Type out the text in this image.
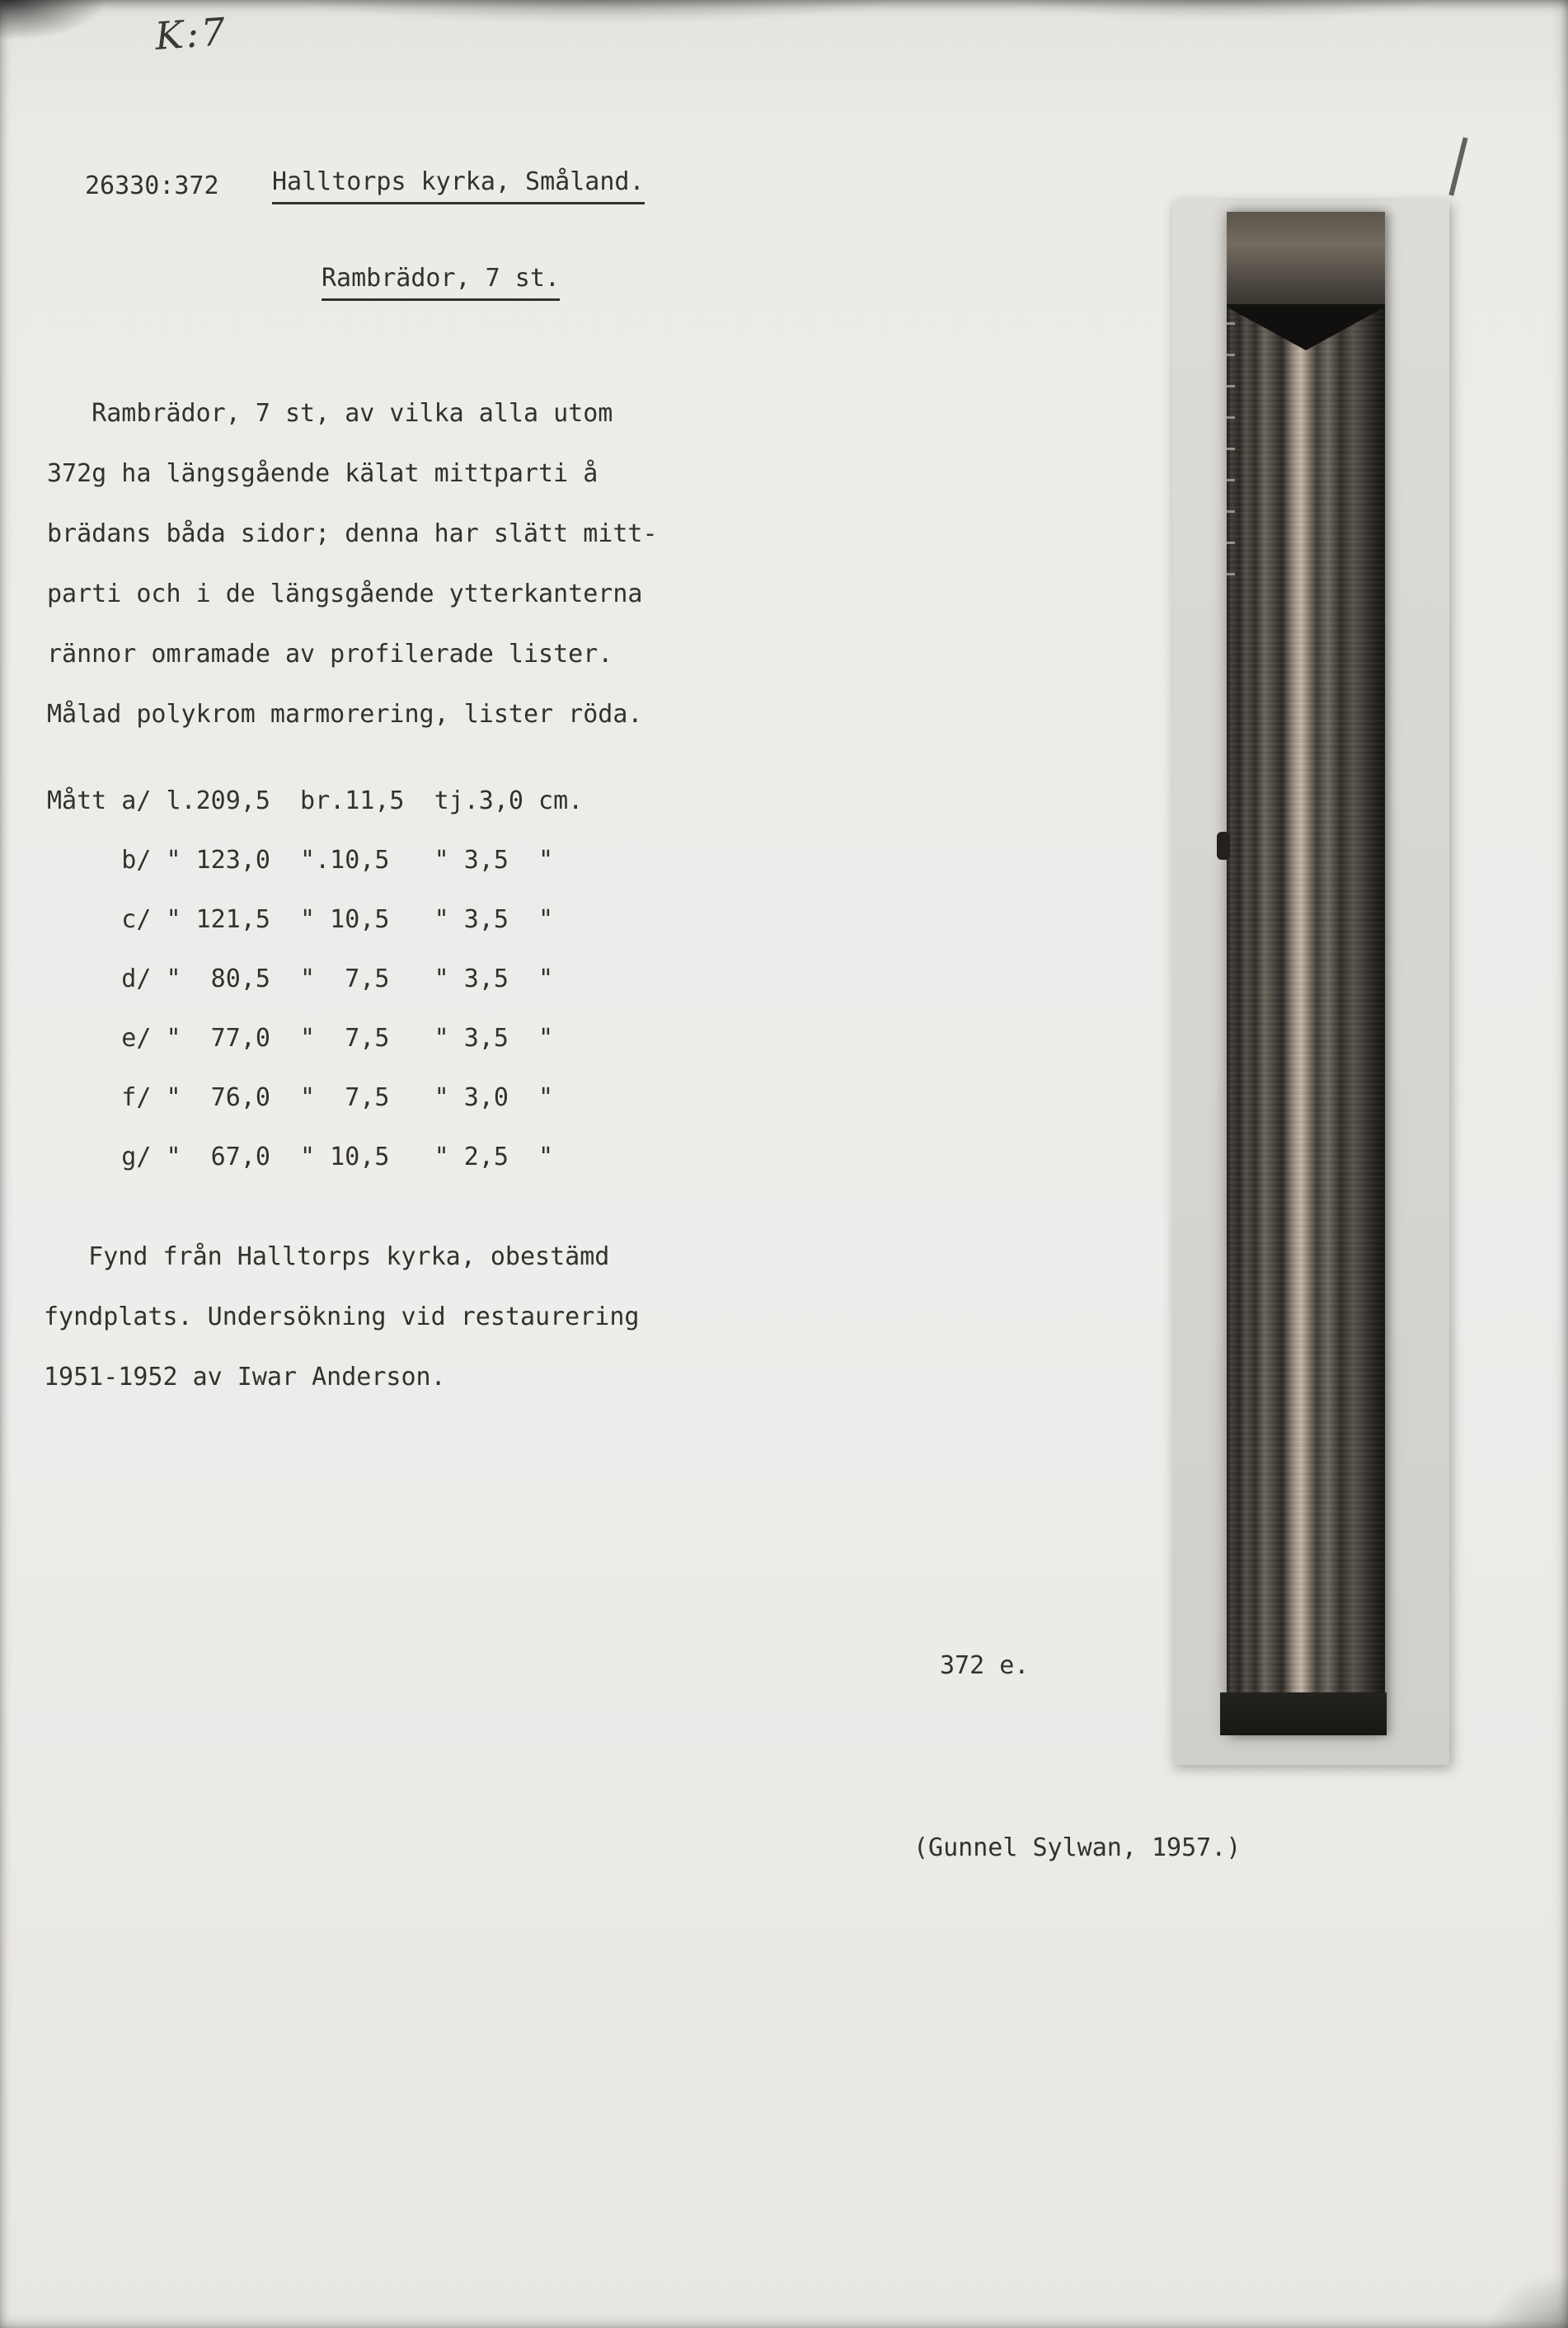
K:7
26330:372 Halltorps kyrka, Småland.
Rambrädor, 7 st.
Rambrädor, 7 st, av vilka alla utom
372g ha längsgående kälat mittparti å
brädans båda sidor; denna har slätt mitt-
parti och i de längsgående ytterkanterna
rännor omramade av profilerade lister.
Målad polykrom marmorering, lister röda.
Mått a/ l.209,5  br.11,5  tj.3,0 cm.
b/ " 123,0  ".10,5   " 3,5  "
c/ " 121,5  " 10,5   " 3,5  "
d/ "  80,5  "  7,5   " 3,5  "
e/ "  77,0  "  7,5   " 3,5  "
f/ "  76,0  "  7,5   " 3,0  "
g/ "  67,0  " 10,5   " 2,5  "
Fynd från Halltorps kyrka, obestämd
fyndplats. Undersökning vid restaurering
1951-1952 av Iwar Anderson.
372 e.
(Gunnel Sylwan, 1957.)
